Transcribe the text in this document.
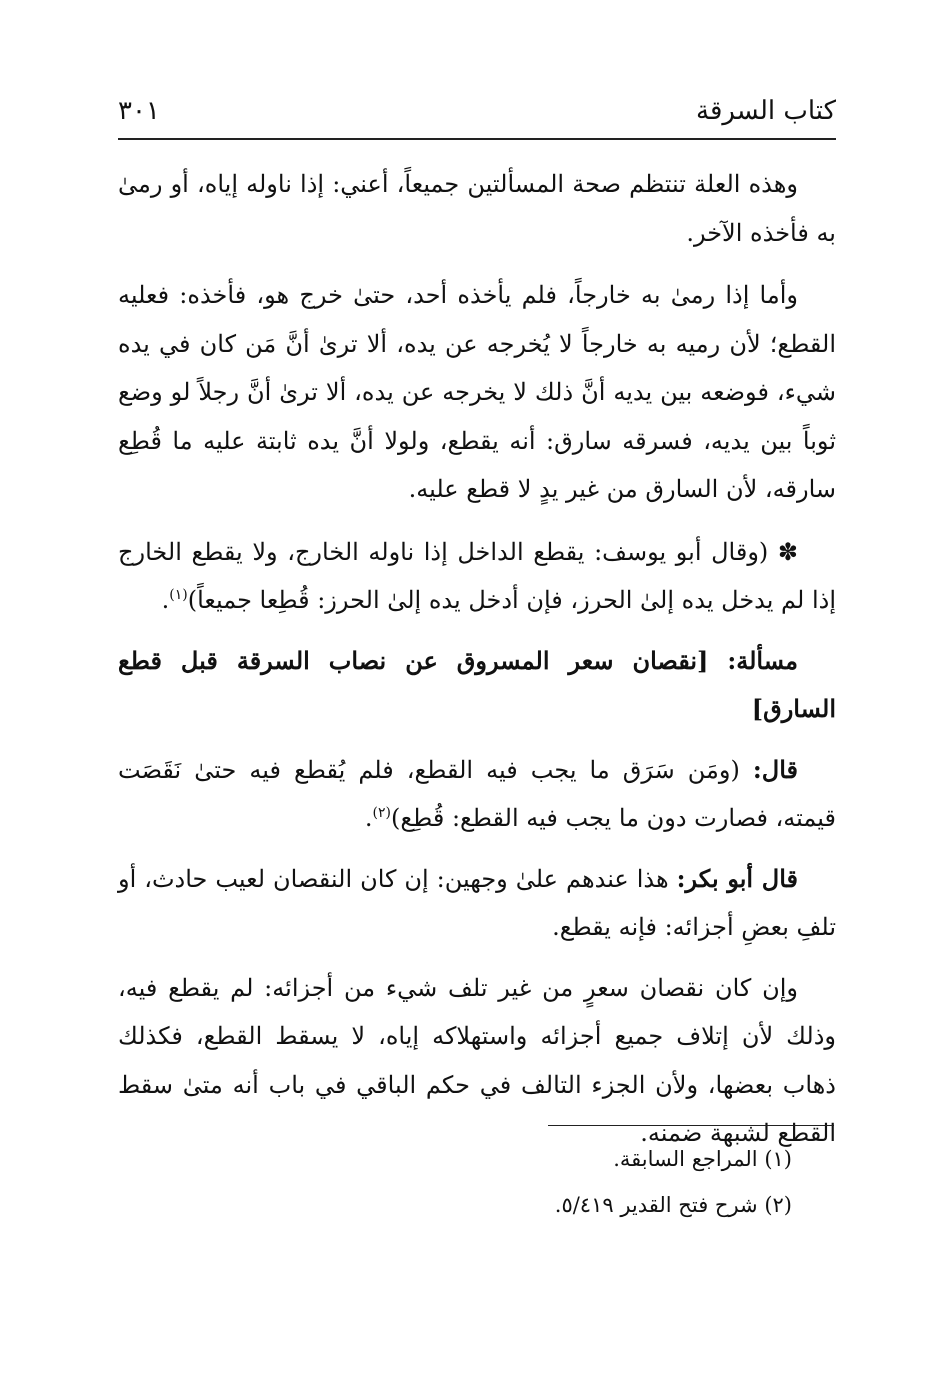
كتاب السرقة
٣٠١

وهذه العلة تنتظم صحة المسألتين جميعاً، أعني: إذا ناوله إياه، أو رمىٰ به فأخذه الآخر.

وأما إذا رمىٰ به خارجاً، فلم يأخذه أحد، حتىٰ خرج هو، فأخذه: فعليه القطع؛ لأن رميه به خارجاً لا يُخرجه عن يده، ألا ترىٰ أنَّ مَن كان في يده شيء، فوضعه بين يديه أنَّ ذلك لا يخرجه عن يده، ألا ترىٰ أنَّ رجلاً لو وضع ثوباً بين يديه، فسرقه سارق: أنه يقطع، ولولا أنَّ يده ثابتة عليه ما قُطِع سارقه، لأن السارق من غير يدٍ لا قطع عليه.

✽ (وقال أبو يوسف: يقطع الداخل إذا ناوله الخارج، ولا يقطع الخارج إذا لم يدخل يده إلىٰ الحرز، فإن أدخل يده إلىٰ الحرز: قُطِعا جميعاً)$^{(١)}$.

مسألة: [نقصان سعر المسروق عن نصاب السرقة قبل قطع السارق]

قال: (ومَن سَرَق ما يجب فيه القطع، فلم يُقطع فيه حتىٰ نَقَصَت قيمته، فصارت دون ما يجب فيه القطع: قُطِع)$^{(٢)}$.

قال أبو بكر: هذا عندهم علىٰ وجهين: إن كان النقصان لعيب حادث، أو تلفِ بعضِ أجزائه: فإنه يقطع.

وإن كان نقصان سعرٍ من غير تلف شيء من أجزائه: لم يقطع فيه، وذلك لأن إتلاف جميع أجزائه واستهلاكه إياه، لا يسقط القطع، فكذلك ذهاب بعضها، ولأن الجزء التالف في حكم الباقي في باب أنه متىٰ سقط القطع لشبهة ضمنه.

(١) المراجع السابقة.
(٢) شرح فتح القدير ٥/٤١٩.
